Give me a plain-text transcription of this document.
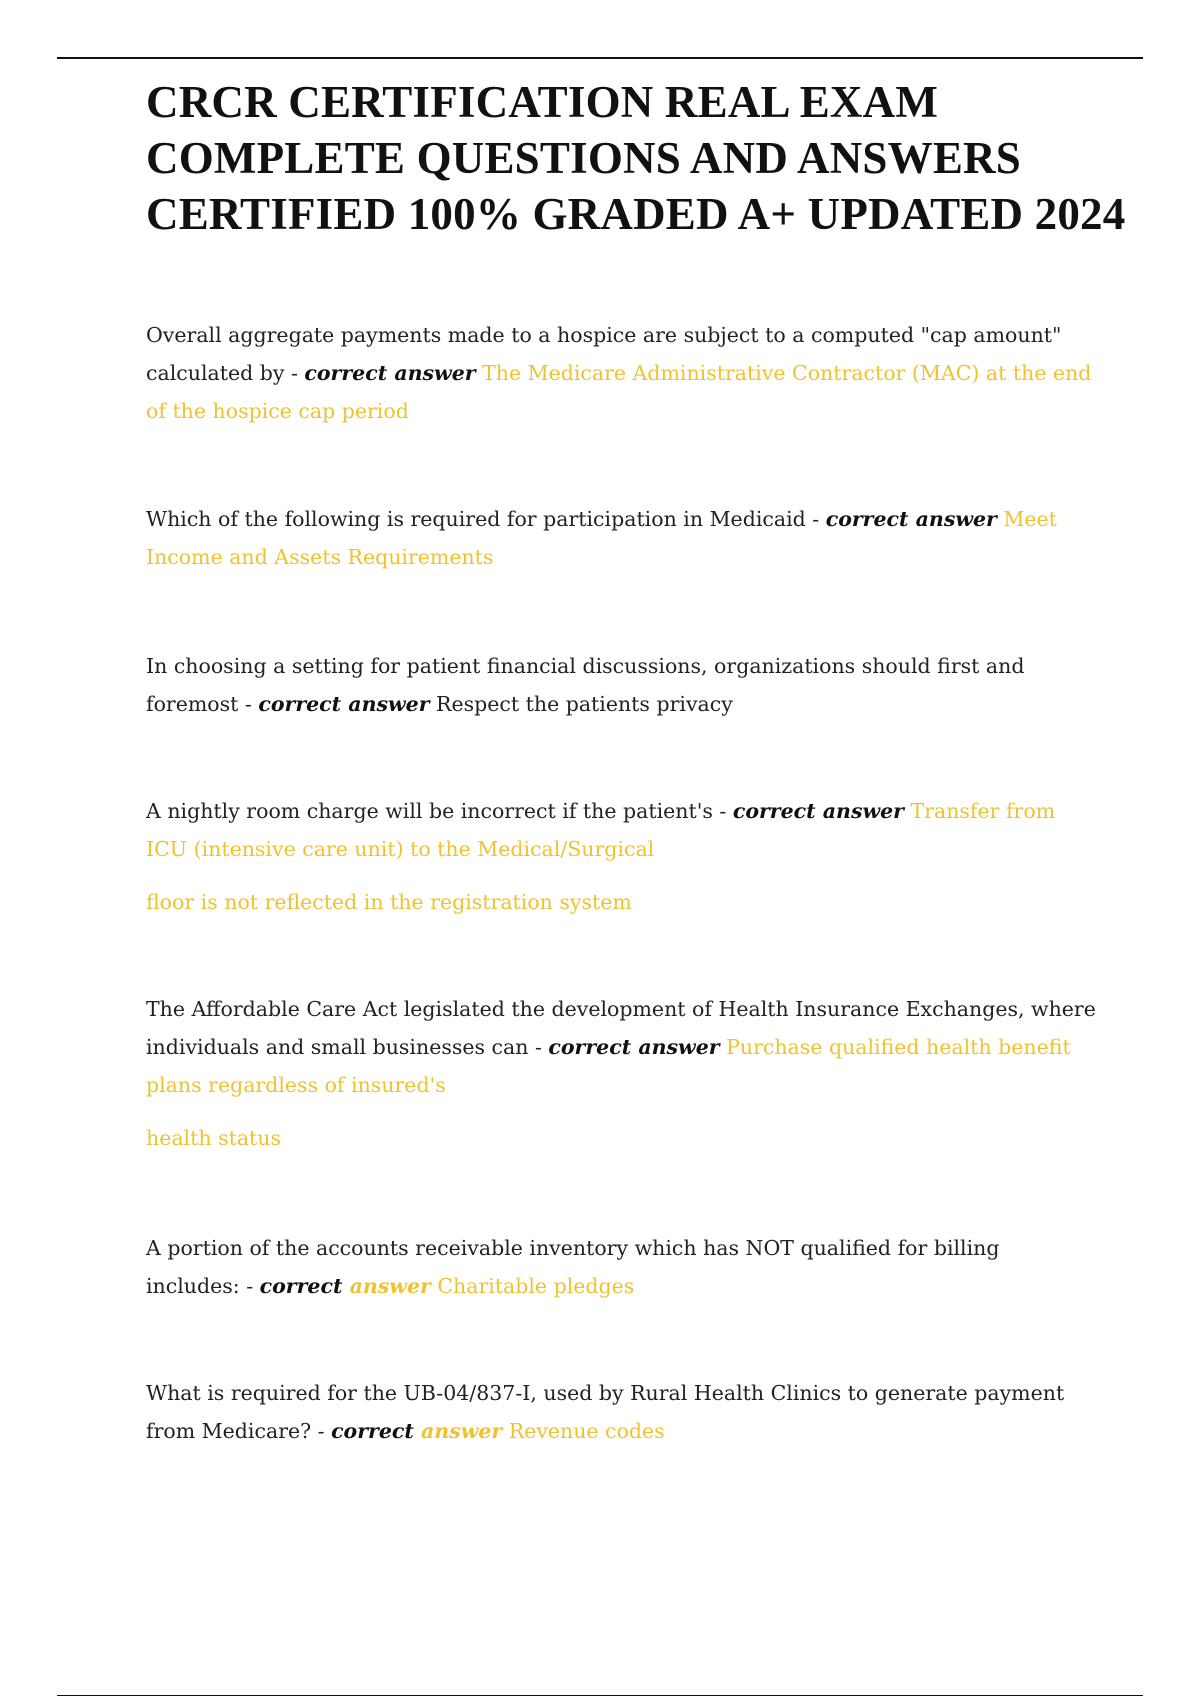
CRCR CERTIFICATION REAL EXAM COMPLETE QUESTIONS AND ANSWERS CERTIFIED 100% GRADED A+ UPDATED 2024
Overall aggregate payments made to a hospice are subject to a computed "cap amount" calculated by - correct answer The Medicare Administrative Contractor (MAC) at the end of the hospice cap period
Which of the following is required for participation in Medicaid - correct answer Meet Income and Assets Requirements
In choosing a setting for patient financial discussions, organizations should first and foremost - correct answer Respect the patients privacy
A nightly room charge will be incorrect if the patient's - correct answer Transfer from ICU (intensive care unit) to the Medical/Surgical
floor is not reflected in the registration system
The Affordable Care Act legislated the development of Health Insurance Exchanges, where individuals and small businesses can - correct answer Purchase qualified health benefit plans regardless of insured's
health status
A portion of the accounts receivable inventory which has NOT qualified for billing includes: - correct answer Charitable pledges
What is required for the UB-04/837-I, used by Rural Health Clinics to generate payment from Medicare? - correct answer Revenue codes
